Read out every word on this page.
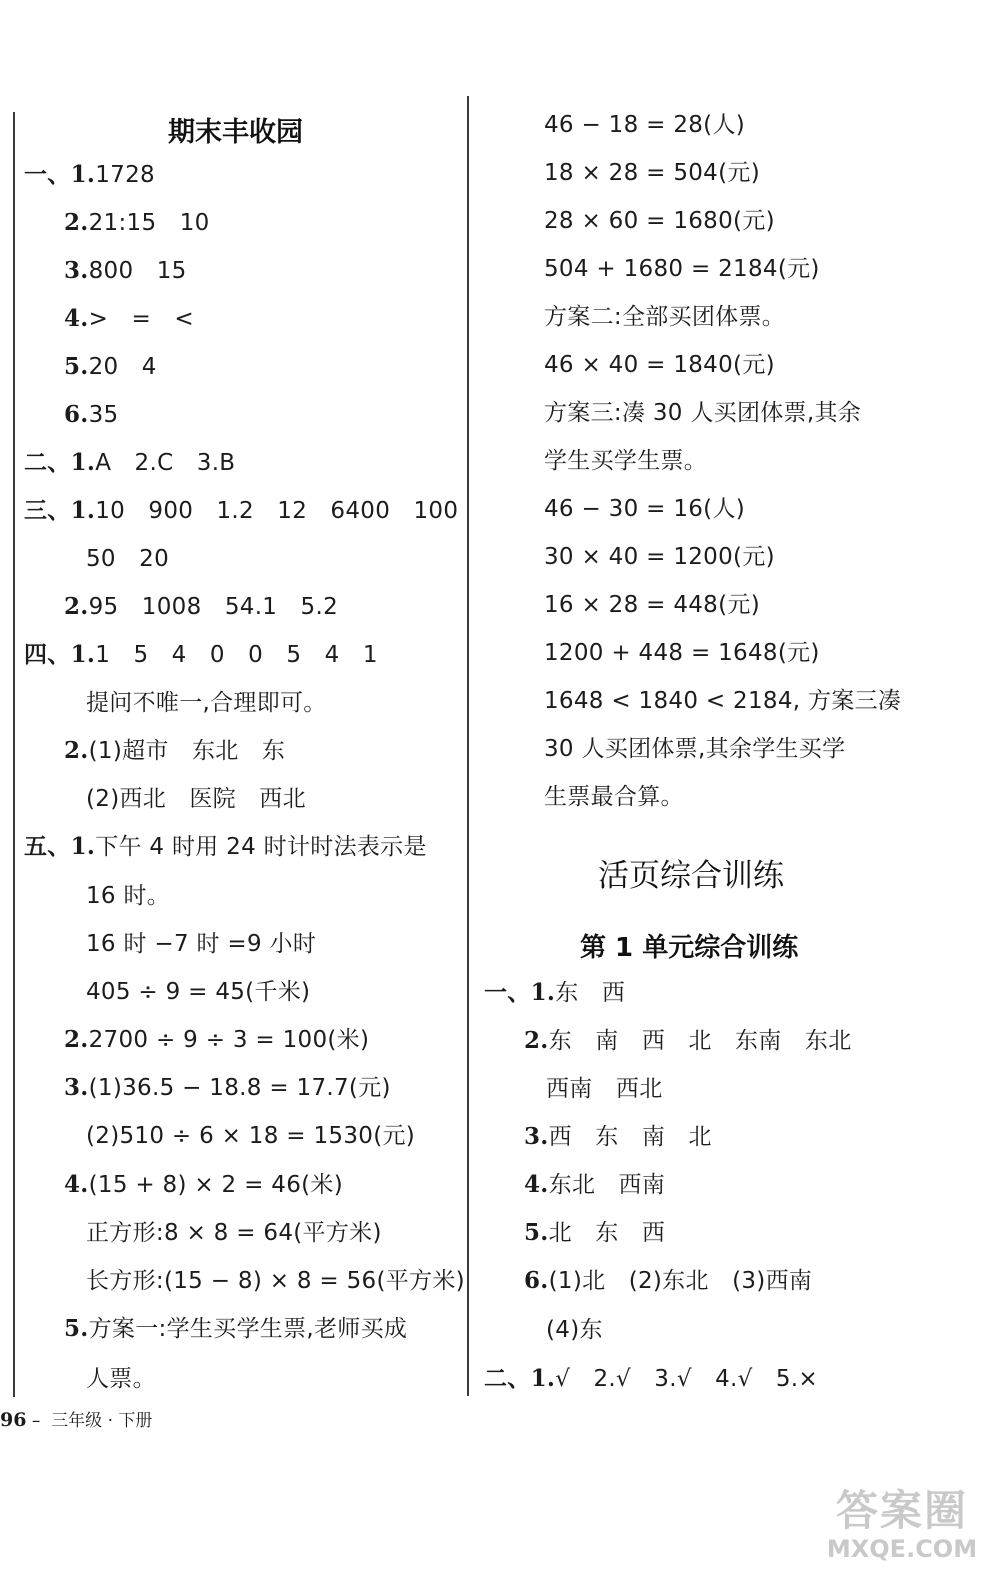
期末丰收园
一、1.1728
2.21:15　10
3.800　15
4.>　=　<
5.20　4
6.35
二、1.A　2.C　3.B
三、1.10　900　1.2　12　6400　100
50　20
2.95　1008　54.1　5.2
四、1.1　5　4　0　0　5　4　1
提问不唯一,合理即可。
2.(1)超市　东北　东
(2)西北　医院　西北
五、1.下午 4 时用 24 时计时法表示是
16 时。
16 时 −7 时 =9 小时
405 ÷ 9 = 45(千米)
2.2700 ÷ 9 ÷ 3 = 100(米)
3.(1)36.5 − 18.8 = 17.7(元)
(2)510 ÷ 6 × 18 = 1530(元)
4.(15 + 8) × 2 = 46(米)
正方形:8 × 8 = 64(平方米)
长方形:(15 − 8) × 8 = 56(平方米)
5.方案一:学生买学生票,老师买成
人票。
46 − 18 = 28(人)
18 × 28 = 504(元)
28 × 60 = 1680(元)
504 + 1680 = 2184(元)
方案二:全部买团体票。
46 × 40 = 1840(元)
方案三:凑 30 人买团体票,其余
学生买学生票。
46 − 30 = 16(人)
30 × 40 = 1200(元)
16 × 28 = 448(元)
1200 + 448 = 1648(元)
1648 < 1840 < 2184, 方案三凑
30 人买团体票,其余学生买学
生票最合算。
活页综合训练
第 1 单元综合训练
一、1.东　西
2.东　南　西　北　东南　东北
西南　西北
3.西　东　南　北
4.东北　西南
5.北　东　西
6.(1)北　(2)东北　(3)西南
(4)东
二、1.√　2.√　3.√　4.√　5.×
96 –  三年级 · 下册
答案圈
MXQE.COM
